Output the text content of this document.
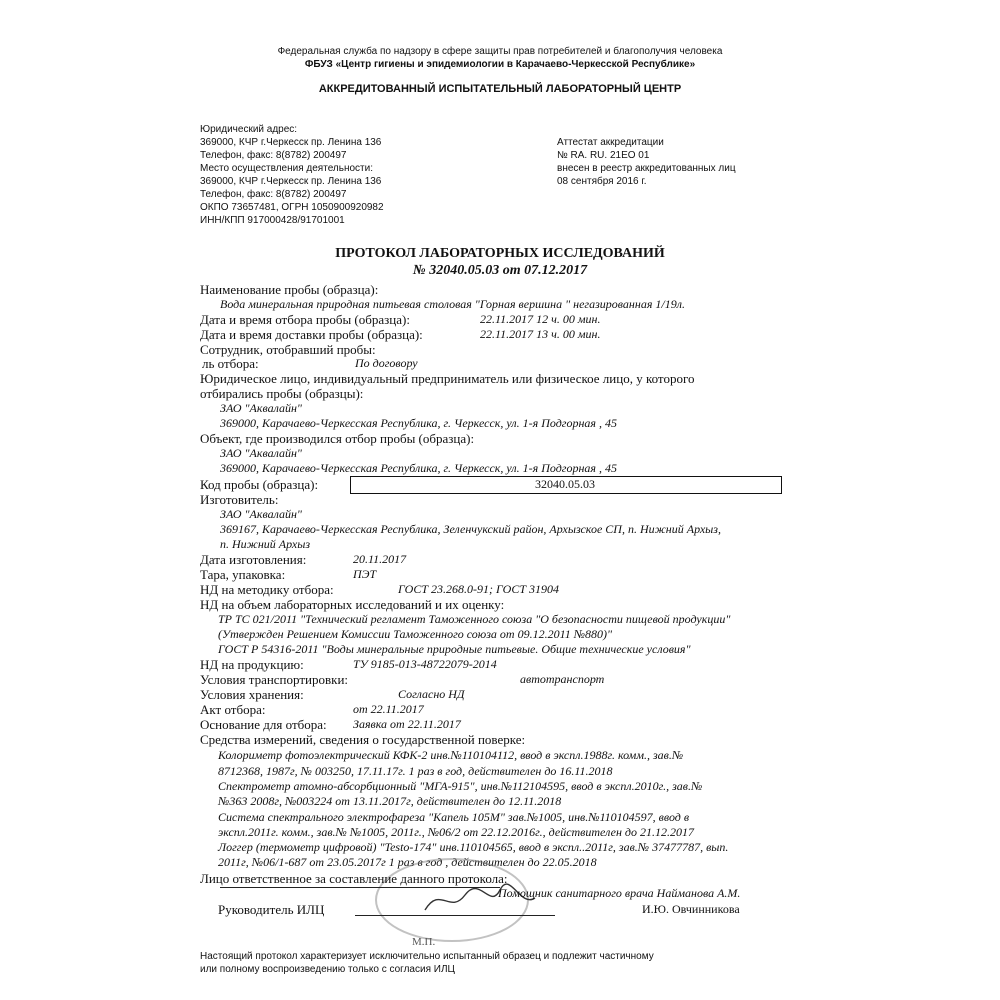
Федеральная служба по надзору в сфере защиты прав потребителей и благополучия человека
ФБУЗ «Центр гигиены и эпидемиологии в Карачаево-Черкесской Республике»
АККРЕДИТОВАННЫЙ ИСПЫТАТЕЛЬНЫЙ ЛАБОРАТОРНЫЙ ЦЕНТР
Юридический адрес:
369000, КЧР г.Черкесск пр. Ленина 136
Телефон, факс: 8(8782) 200497
Место осуществления деятельности:
369000, КЧР г.Черкесск пр. Ленина 136
Телефон, факс: 8(8782) 200497
ОКПО 73657481, ОГРН 1050900920982
ИНН/КПП 917000428/91701001
Аттестат аккредитации
№ RA. RU. 21ЕО 01
внесен в реестр аккредитованных лиц
08 сентября 2016 г.
ПРОТОКОЛ ЛАБОРАТОРНЫХ ИССЛЕДОВАНИЙ
№ 32040.05.03 от 07.12.2017
Наименование пробы (образца):
Вода минеральная природная питьевая столовая "Горная вершина " негазированная 1/19л.
Дата и время отбора пробы (образца):	22.11.2017 12 ч. 00 мин.
Дата и время доставки пробы (образца):	22.11.2017 13 ч. 00 мин.
Сотрудник, отобравший пробы:
ль отбора:	По договору
Юридическое лицо, индивидуальный предприниматель или физическое лицо, у которого
отбирались пробы (образцы):
ЗАО "Аквалайн"
369000, Карачаево-Черкесская Республика, г. Черкесск, ул. 1-я Подгорная , 45
Объект, где производился отбор пробы (образца):
ЗАО "Аквалайн"
369000, Карачаево-Черкесская Республика, г. Черкесск, ул. 1-я Подгорная , 45
Код пробы (образца):	32040.05.03
Изготовитель:
ЗАО "Аквалайн"
369167, Карачаево-Черкесская Республика, Зеленчукский район, Архызское СП, п. Нижний Архыз,
п. Нижний Архыз
Дата изготовления:	20.11.2017
Тара, упаковка:	ПЭТ
НД на методику отбора:	ГОСТ 23.268.0-91; ГОСТ 31904
НД на объем лабораторных исследований и их оценку:
ТР ТС 021/2011 "Технический регламент Таможенного союза "О безопасности пищевой продукции"
(Утвержден Решением Комиссии Таможенного союза от 09.12.2011 №880)"
ГОСТ Р 54316-2011 "Воды минеральные природные питьевые. Общие технические условия"
НД на продукцию:	ТУ 9185-013-48722079-2014
Условия транспортировки:	автотранспорт
Условия хранения:	Согласно НД
Акт отбора:	от 22.11.2017
Основание для отбора: Заявка от 22.11.2017
Средства измерений, сведения о государственной поверке:
Колориметр фотоэлектрический КФК-2 инв.№110104112, ввод в экспл.1988г. комм., зав.№
8712368, 1987г, № 003250, 17.11.17г. 1 раз в год, действителен до 16.11.2018
Спектрометр атомно-абсорбционный "МГА-915", инв.№112104595, ввод в экспл.2010г., зав.№
№363 2008г, №003224 от 13.11.2017г, действителен до 12.11.2018
Система спектрального электрофареза "Капель 105М" зав.№1005, инв.№110104597, ввод в
экспл.2011г. комм., зав.№ №1005, 2011г., №06/2 от 22.12.2016г., действителен до 21.12.2017
Логгер (термометр цифровой) "Testo-174" инв.110104565, ввод в экспл..2011г, зав.№ 37477787, вып.
2011г, №06/1-687 от 23.05.2017г 1 раз в год , действителен до 22.05.2018
Лицо ответственное за составление данного протокола:
Помощник санитарного врача Найманова А.М.
Руководитель ИЛЦ	И.Ю. Овчинникова
М.П.
Настоящий протокол характеризует исключительно испытанный образец и подлежит частичному
или полному воспроизведению только с согласия ИЛЦ
